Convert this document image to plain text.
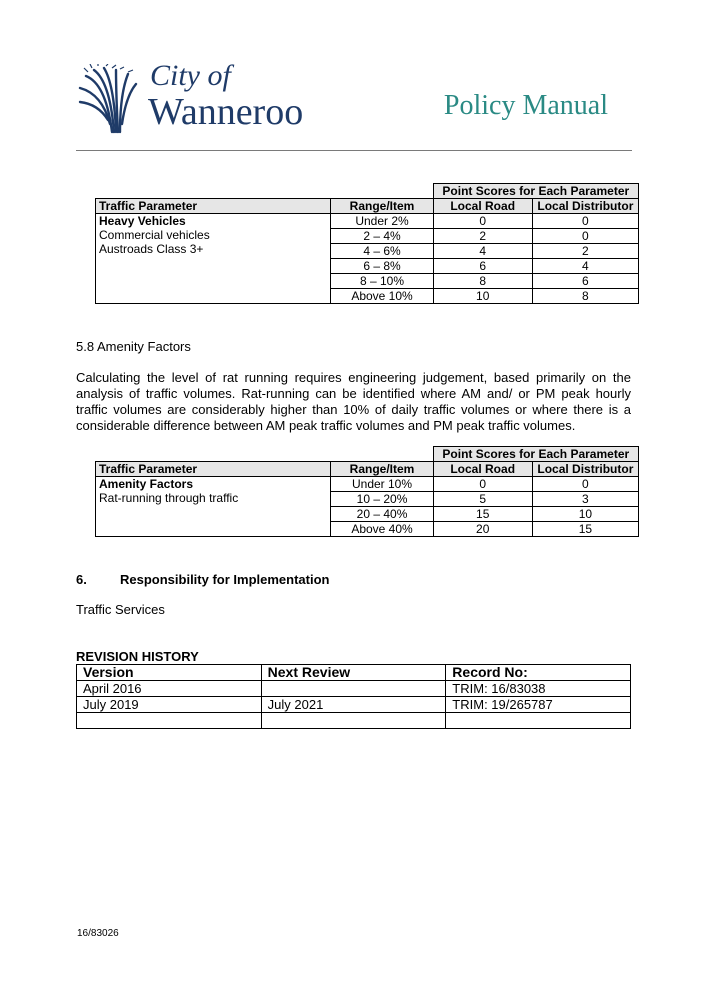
City of
Wanneroo	Policy Manual
		Point Scores for Each Parameter	
Traffic Parameter	Range/Item	Local Road	Local Distributor

Heavy Vehicles
Commercial vehicles
Austroads Class 3+	Under 2%	0	0
	2 – 4%	2	0
	4 – 6%	4	2
	6 – 8%	6	4
	8 – 10%	8	6
	Above 10%	10	8
5.8 Amenity Factors
Calculating the level of rat running requires engineering judgement, based primarily on the analysis of traffic volumes. Rat-running can be identified where AM and/ or PM peak hourly traffic volumes are considerably higher than 10% of daily traffic volumes or where there is a considerable difference between AM peak traffic volumes and PM peak traffic volumes.
		Point Scores for Each Parameter	
Traffic Parameter	Range/Item	Local Road	Local Distributor

Amenity Factors
Rat-running through traffic	Under 10%	0	0
	10 – 20%	5	3
	20 – 40%	15	10
	Above 40%	20	15
6.	Responsibility for Implementation
Traffic Services
REVISION HISTORY
Version	Next Review	Record No:
April 2016		TRIM: 16/83038
July 2019	July 2021	TRIM: 19/265787

16/83026
